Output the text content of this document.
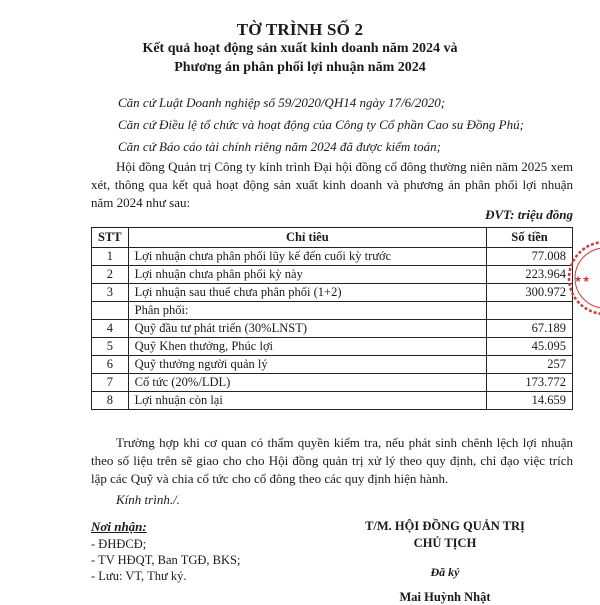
TỜ TRÌNH SỐ 2
Kết quả hoạt động sản xuất kinh doanh năm 2024 và
Phương án phân phối lợi nhuận năm 2024
Căn cứ Luật Doanh nghiệp số 59/2020/QH14 ngày 17/6/2020;
Căn cứ Điều lệ tổ chức và hoạt động của Công ty Cổ phần Cao su Đồng Phú;
Căn cứ Báo cáo tài chính riêng năm 2024 đã được kiểm toán;
Hội đồng Quản trị Công ty kính trình Đại hội đồng cổ đông thường niên năm 2025 xem xét, thông qua kết quả hoạt động sản xuất kinh doanh và phương án phân phối lợi nhuận năm 2024 như sau:
ĐVT: triệu đồng
STT	Chỉ tiêu	Số tiền
1	Lợi nhuận chưa phân phối lũy kế đến cuối kỳ trước	77.008
2	Lợi nhuận chưa phân phối kỳ này	223.964
3	Lợi nhuận sau thuế chưa phân phối (1+2)	300.972
	Phân phối:	
4	Quỹ đầu tư phát triển (30%LNST)	67.189
5	Quỹ Khen thưởng, Phúc lợi	45.095
6	Quỹ thưởng người quản lý	257
7	Cổ tức (20%/LDL)	173.772
8	Lợi nhuận còn lại	14.659
Trường hợp khi cơ quan có thẩm quyền kiểm tra, nếu phát sinh chênh lệch lợi nhuận theo số liệu trên sẽ giao cho cho Hội đồng quản trị xử lý theo quy định, chỉ đạo việc trích lập các Quỹ và chia cổ tức cho cổ đông theo các quy định hiện hành.
Kính trình./.
Nơi nhận:
- ĐHĐCĐ;
- TV HĐQT, Ban TGĐ, BKS;
- Lưu: VT, Thư ký.
T/M. HỘI ĐỒNG QUẢN TRỊ
CHỦ TỊCH
Đã ký
Mai Huỳnh Nhật
★★
